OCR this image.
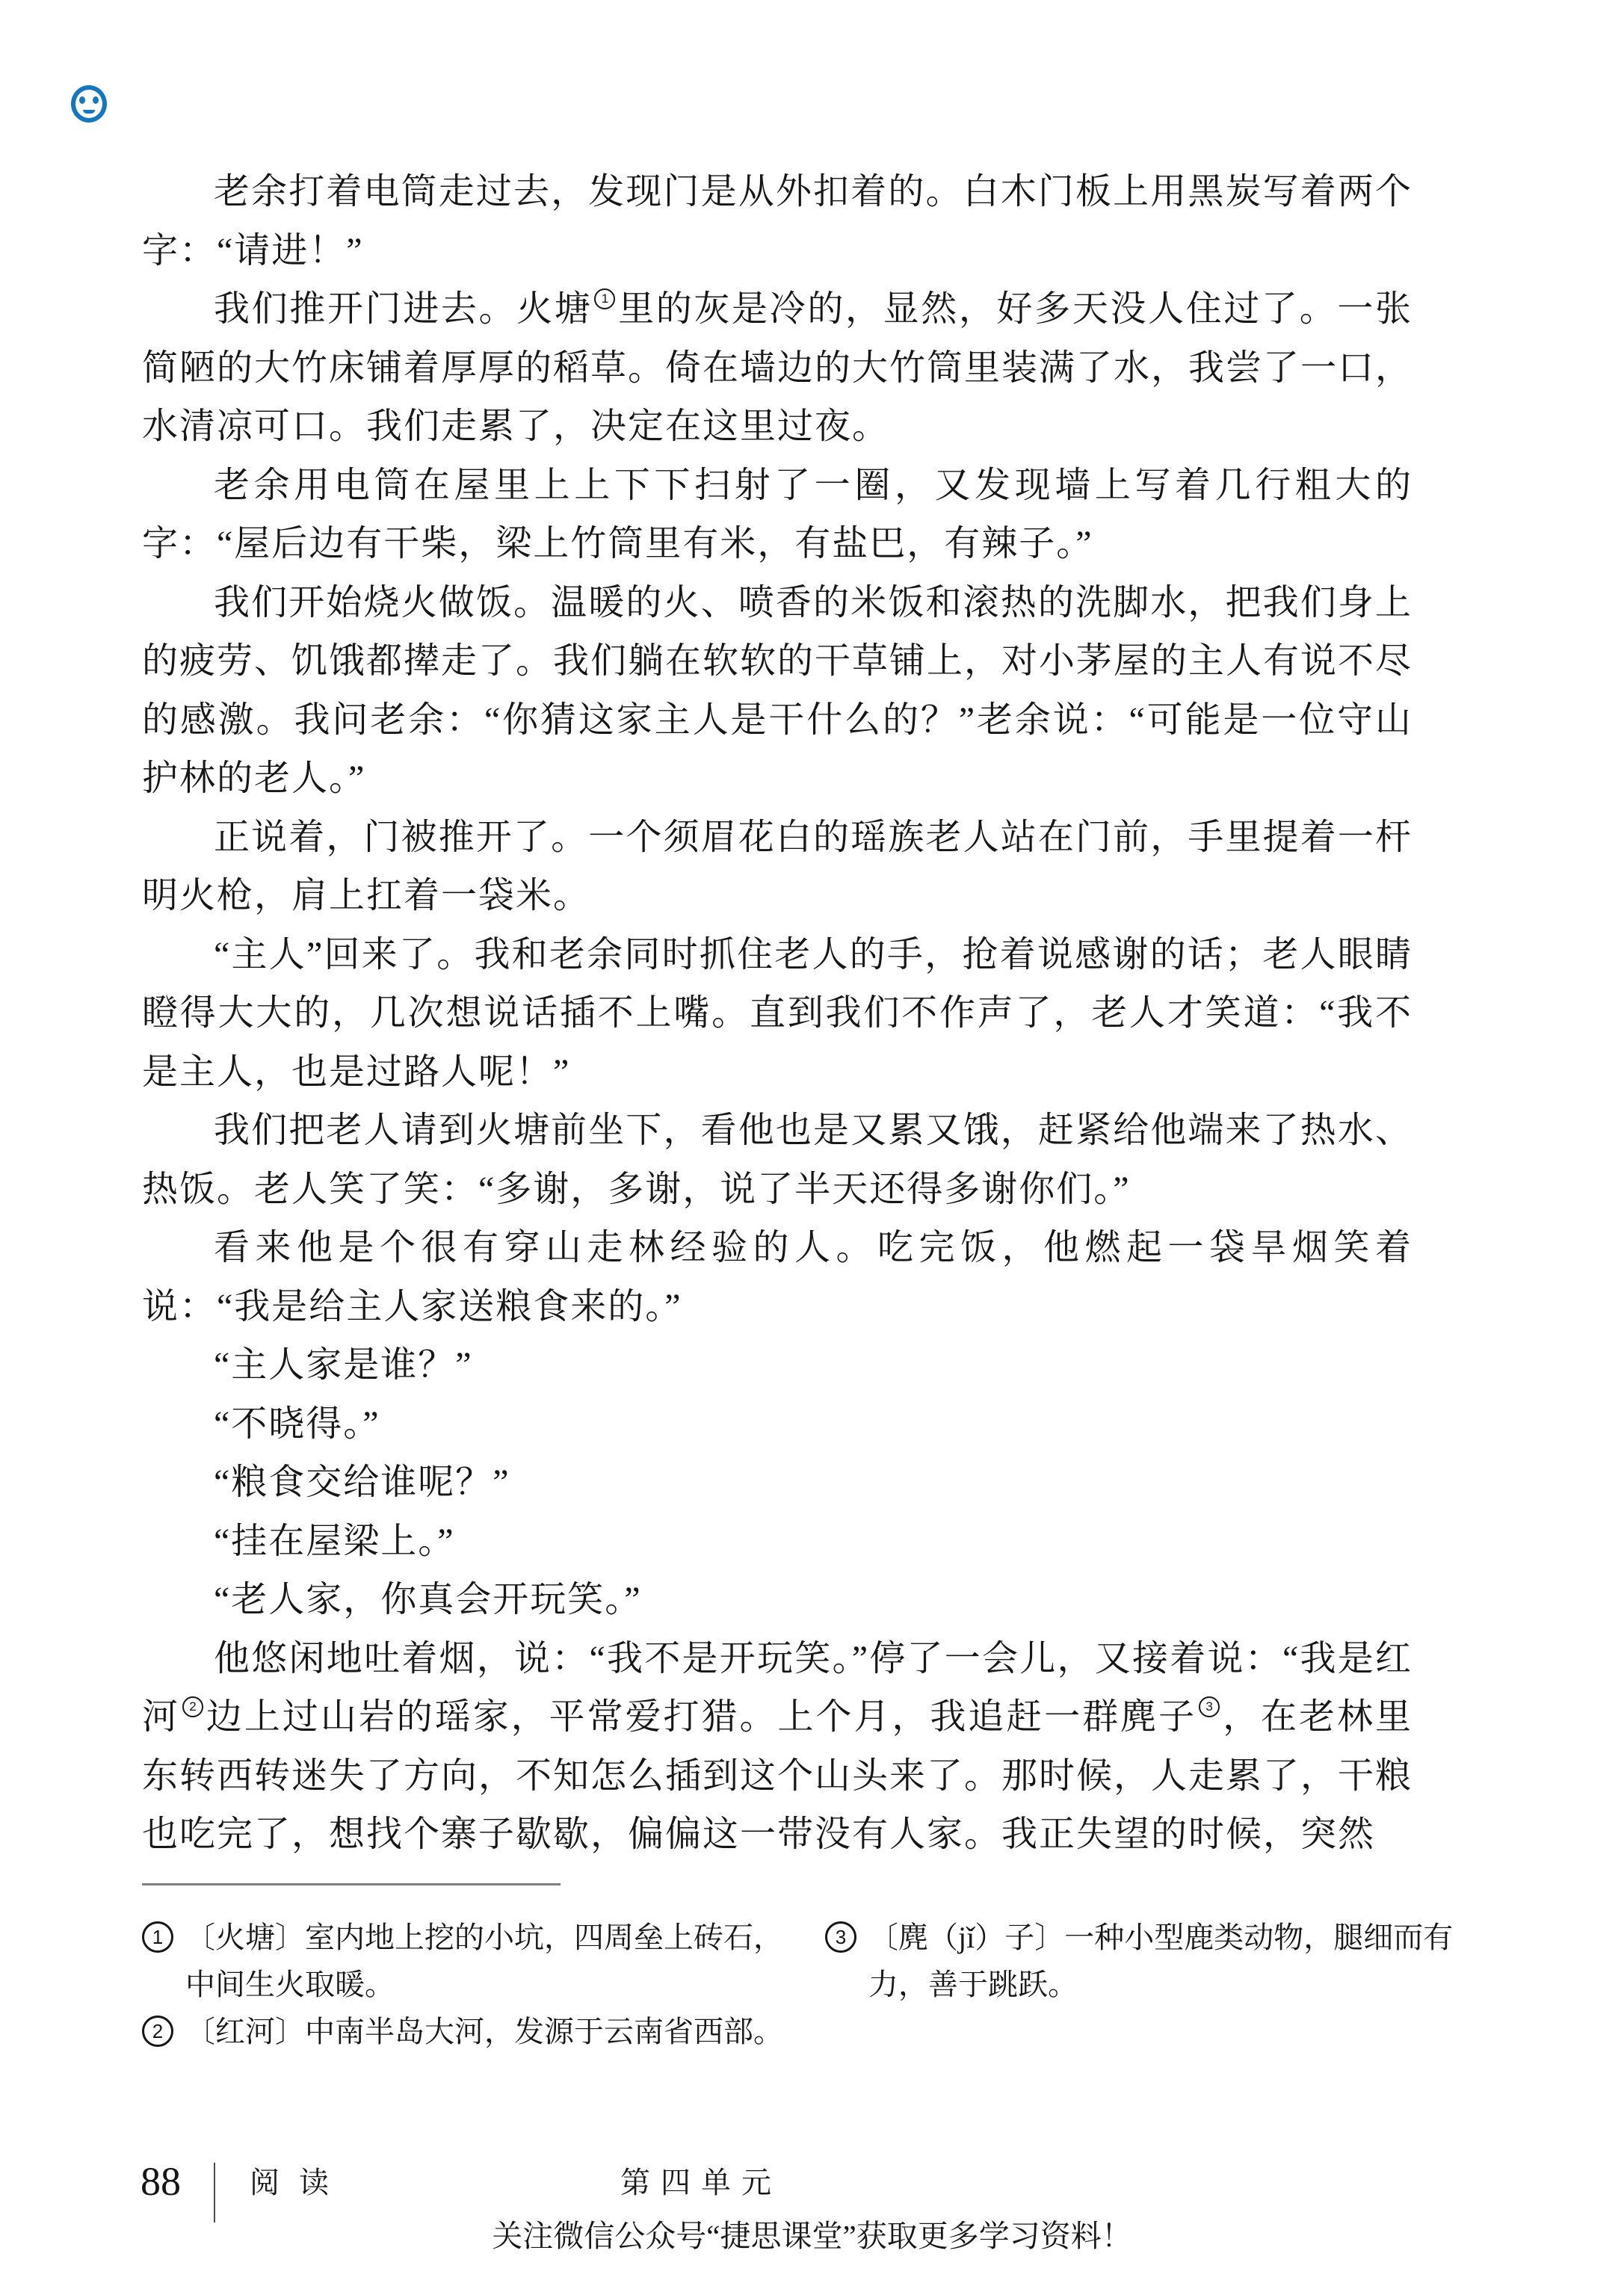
老余打着电筒走过去，发现门是从外扣着的。白木门板上用黑炭写着两个字：“请进！”

我们推开门进去。火塘 1 里的灰是冷的，显然，好多天没人住过了。一张简陋的大竹床铺着厚厚的稻草。倚在墙边的大竹筒里装满了水，我尝了一口，水清凉可口。我们走累了，决定在这里过夜。

老余用电筒在屋里上上下下扫射了一圈，又发现墙上写着几行粗大的字：“屋后边有干柴，梁上竹筒里有米，有盐巴，有辣子。”

我们开始烧火做饭。温暖的火、喷香的米饭和滚热的洗脚水，把我们身上的疲劳、饥饿都撵走了。我们躺在软软的干草铺上，对小茅屋的主人有说不尽的感激。我问老余：“你猜这家主人是干什么的？”老余说：“可能是一位守山护林的老人。”

正说着，门被推开了。一个须眉花白的瑶族老人站在门前，手里提着一杆明火枪，肩上扛着一袋米。

“主人”回来了。我和老余同时抓住老人的手，抢着说感谢的话；老人眼睛瞪得大大的，几次想说话插不上嘴。直到我们不作声了，老人才笑道：“我不是主人，也是过路人呢！”

我们把老人请到火塘前坐下，看他也是又累又饿，赶紧给他端来了热水、热饭。老人笑了笑：“多谢，多谢，说了半天还得多谢你们。”

看来他是个很有穿山走林经验的人。吃完饭，他燃起一袋旱烟笑着说：“我是给主人家送粮食来的。”

“主人家是谁？”

“不晓得。”

“粮食交给谁呢？”

“挂在屋梁上。”

“老人家，你真会开玩笑。”

他悠闲地吐着烟，说：“我不是开玩笑。”停了一会儿，又接着说：“我是红河 2 边上过山岩的瑶家，平常爱打猎。上个月，我追赶一群麂子 3 ，在老林里东转西转迷失了方向，不知怎么插到这个山头来了。那时候，人走累了，干粮也吃完了，想找个寨子歇歇，偏偏这一带没有人家。我正失望的时候，突然

1 〔火塘〕室内地上挖的小坑，四周垒上砖石，
中间生火取暖。
2 〔红河〕中南半岛大河，发源于云南省西部。
3 〔麂（jǐ）子〕一种小型鹿类动物，腿细而有
力，善于跳跃。
88 阅读	第四单元
关注微信公众号“捷思课堂”获取更多学习资料！
